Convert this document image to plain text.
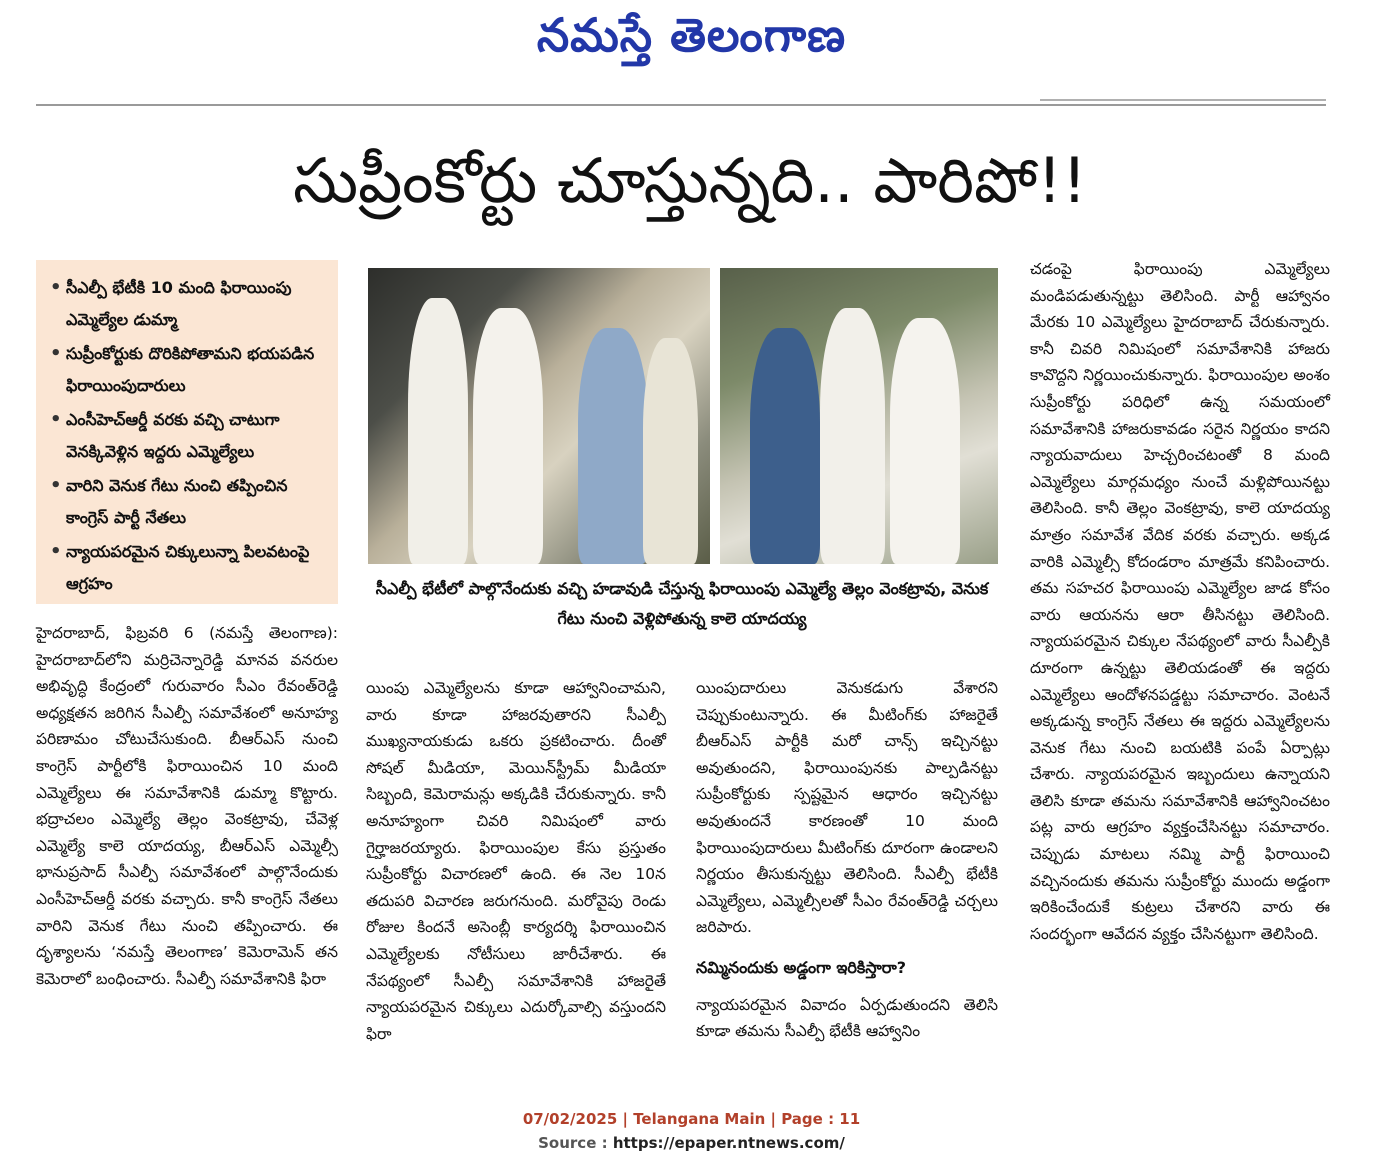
నమస్తే తెలంగాణ
సుప్రీంకోర్టు చూస్తున్నది.. పారిపో!!
• సీఎల్పీ భేటీకి 10 మంది ఫిరాయింపు ఎమ్మెల్యేల డుమ్మా
• సుప్రీంకోర్టుకు దొరికిపోతామని భయపడిన ఫిరాయింపుదారులు
• ఎంసీహెచ్‌ఆర్డీ వరకు వచ్చి చాటుగా వెనక్కివెళ్లిన ఇద్దరు ఎమ్మెల్యేలు
• వారిని వెనుక గేటు నుంచి తప్పించిన కాంగ్రెస్ పార్టీ నేతలు
• న్యాయపరమైన చిక్కులున్నా పిలవటంపై ఆగ్రహం	సీఎల్పీ భేటీలో పాల్గొనేందుకు వచ్చి హడావుడి చేస్తున్న ఫిరాయింపు ఎమ్మెల్యే తెల్లం వెంకట్రావు, వెనుక గేటు నుంచి వెళ్లిపోతున్న కాలె యాదయ్య

హైదరాబాద్, ఫిబ్రవరి 6 (నమస్తే తెలంగాణ): హైదరాబాద్‌లోని మర్రిచెన్నారెడ్డి మానవ వనరుల అభివృద్ధి కేంద్రంలో గురువారం సీఎం రేవంత్‌రెడ్డి అధ్యక్షతన జరిగిన సీఎల్పీ సమావేశంలో అనూహ్య పరిణామం చోటుచేసుకుంది. బీఆర్‌ఎస్ నుంచి కాంగ్రెస్ పార్టీలోకి ఫిరాయించిన 10 మంది ఎమ్మెల్యేలు ఈ సమావేశానికి డుమ్మా కొట్టారు. భద్రాచలం ఎమ్మెల్యే తెల్లం వెంకట్రావు, చేవెళ్ల ఎమ్మెల్యే కాలె యాదయ్య, బీఆర్‌ఎస్ ఎమ్మెల్సీ భానుప్రసాద్ సీఎల్పీ సమావేశంలో పాల్గొనేందుకు ఎంసీహెచ్‌ఆర్డీ వరకు వచ్చారు. కానీ కాంగ్రెస్ నేతలు వారిని వెనుక గేటు నుంచి తప్పించారు. ఈ దృశ్యాలను ‘నమస్తే తెలంగాణ’ కెమెరామెన్ తన కెమెరాలో బంధించారు. సీఎల్పీ సమావేశానికి ఫిరా

యింపు ఎమ్మెల్యేలను కూడా ఆహ్వానించామని, వారు కూడా హాజరవుతారని సీఎల్పీ ముఖ్యనాయకుడు ఒకరు ప్రకటించారు. దీంతో సోషల్ మీడియా, మెయిన్‌స్ట్రీమ్ మీడియా సిబ్బంది, కెమెరామన్లు అక్కడికి చేరుకున్నారు. కానీ అనూహ్యంగా చివరి నిమిషంలో వారు గైర్హాజరయ్యారు. ఫిరాయింపుల కేసు ప్రస్తుతం సుప్రీంకోర్టు విచారణలో ఉంది. ఈ నెల 10న తదుపరి విచారణ జరుగనుంది. మరోవైపు రెండు రోజుల కిందనే అసెంబ్లీ కార్యదర్శి ఫిరాయించిన ఎమ్మెల్యేలకు నోటీసులు జారీచేశారు. ఈ నేపథ్యంలో సీఎల్పీ సమావేశానికి హాజరైతే న్యాయపరమైన చిక్కులు ఎదుర్కోవాల్సి వస్తుందని ఫిరా

యింపుదారులు వెనుకడుగు వేశారని చెప్పుకుంటున్నారు. ఈ మీటింగ్‌కు హాజరైతే బీఆర్‌ఎస్ పార్టీకి మరో చాన్స్ ఇచ్చినట్టు అవుతుందని, ఫిరాయింపునకు పాల్పడినట్టు సుప్రీంకోర్టుకు స్పష్టమైన ఆధారం ఇచ్చినట్టు అవుతుందనే కారణంతో 10 మంది ఫిరాయింపుదారులు మీటింగ్‌కు దూరంగా ఉండాలని నిర్ణయం తీసుకున్నట్టు తెలిసింది. సీఎల్పీ భేటీకి ఎమ్మెల్యేలు, ఎమ్మెల్సీలతో సీఎం రేవంత్‌రెడ్డి చర్చలు జరిపారు.

నమ్మినందుకు అడ్డంగా ఇరికిస్తారా?

న్యాయపరమైన వివాదం ఏర్పడుతుందని తెలిసి కూడా తమను సీఎల్పీ భేటీకి ఆహ్వానిం

చడంపై ఫిరాయింపు ఎమ్మెల్యేలు మండిపడుతున్నట్టు తెలిసింది. పార్టీ ఆహ్వానం మేరకు 10 ఎమ్మెల్యేలు హైదరాబాద్ చేరుకున్నారు. కానీ చివరి నిమిషంలో సమావేశానికి హాజరు కావొద్దని నిర్ణయించుకున్నారు. ఫిరాయింపుల అంశం సుప్రీంకోర్టు పరిధిలో ఉన్న సమయంలో సమావేశానికి హాజరుకావడం సరైన నిర్ణయం కాదని న్యాయవాదులు హెచ్చరించటంతో 8 మంది ఎమ్మెల్యేలు మార్గమధ్యం నుంచే మళ్లిపోయినట్టు తెలిసింది. కానీ తెల్లం వెంకట్రావు, కాలె యాదయ్య మాత్రం సమావేశ వేదిక వరకు వచ్చారు. అక్కడ వారికి ఎమ్మెల్సీ కోదండరాం మాత్రమే కనిపించారు. తమ సహచర ఫిరాయింపు ఎమ్మెల్యేల జాడ కోసం వారు ఆయనను ఆరా తీసినట్టు తెలిసింది. న్యాయపరమైన చిక్కుల నేపథ్యంలో వారు సీఎల్పీకి దూరంగా ఉన్నట్టు తెలియడంతో ఈ ఇద్దరు ఎమ్మెల్యేలు ఆందోళనపడ్డట్టు సమాచారం. వెంటనే అక్కడున్న కాంగ్రెస్ నేతలు ఈ ఇద్దరు ఎమ్మెల్యేలను వెనుక గేటు నుంచి బయటికి పంపే ఏర్పాట్లు చేశారు. న్యాయపరమైన ఇబ్బందులు ఉన్నాయని తెలిసి కూడా తమను సమావేశానికి ఆహ్వానించటం పట్ల వారు ఆగ్రహం వ్యక్తంచేసినట్టు సమాచారం. చెప్పుడు మాటలు నమ్మి పార్టీ ఫిరాయించి వచ్చినందుకు తమను సుప్రీంకోర్టు ముందు అడ్డంగా ఇరికించేందుకే కుట్రలు చేశారని వారు ఈ సందర్భంగా ఆవేదన వ్యక్తం చేసినట్టుగా తెలిసింది.

07/02/2025 | Telangana Main | Page : 11
Source : https://epaper.ntnews.com/
